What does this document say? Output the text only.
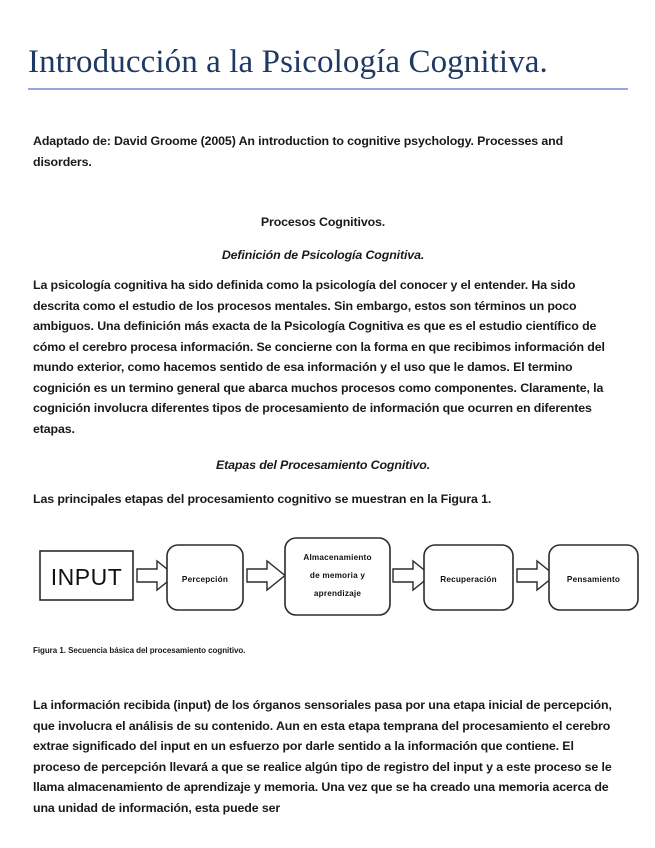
Introducción a la Psicología Cognitiva.
Adaptado de: David Groome (2005) An introduction to cognitive psychology. Processes and disorders.
Procesos Cognitivos.
Definición de Psicología Cognitiva.
La psicología cognitiva ha sido definida como la psicología del conocer y el entender. Ha sido descrita como el estudio de los procesos mentales. Sin embargo, estos son términos un poco ambiguos. Una definición más exacta de la Psicología Cognitiva es que es el estudio científico de cómo el cerebro procesa información. Se concierne con la forma en que recibimos información del mundo exterior, como hacemos sentido de esa información y el uso que le damos. El termino cognición es un termino general que abarca muchos procesos como componentes. Claramente, la cognición involucra diferentes tipos de procesamiento de información que ocurren en diferentes etapas.
Etapas del Procesamiento Cognitivo.
Las principales etapas del procesamiento cognitivo se muestran en la Figura 1.
INPUT	Percepción
Almacenamiento
de memoria y
aprendizaje
Recuperación	Pensamiento
Figura 1. Secuencia básica del procesamiento cognitivo.
La información recibida (input) de los órganos sensoriales pasa por una etapa inicial de percepción, que involucra el análisis de su contenido. Aun en esta etapa temprana del procesamiento el cerebro extrae significado del input en un esfuerzo por darle sentido a la información que contiene. El proceso de percepción llevará a que se realice algún tipo de registro del input y a este proceso se le llama almacenamiento de aprendizaje y memoria. Una vez que se ha creado una memoria acerca de una unidad de información, esta puede ser
